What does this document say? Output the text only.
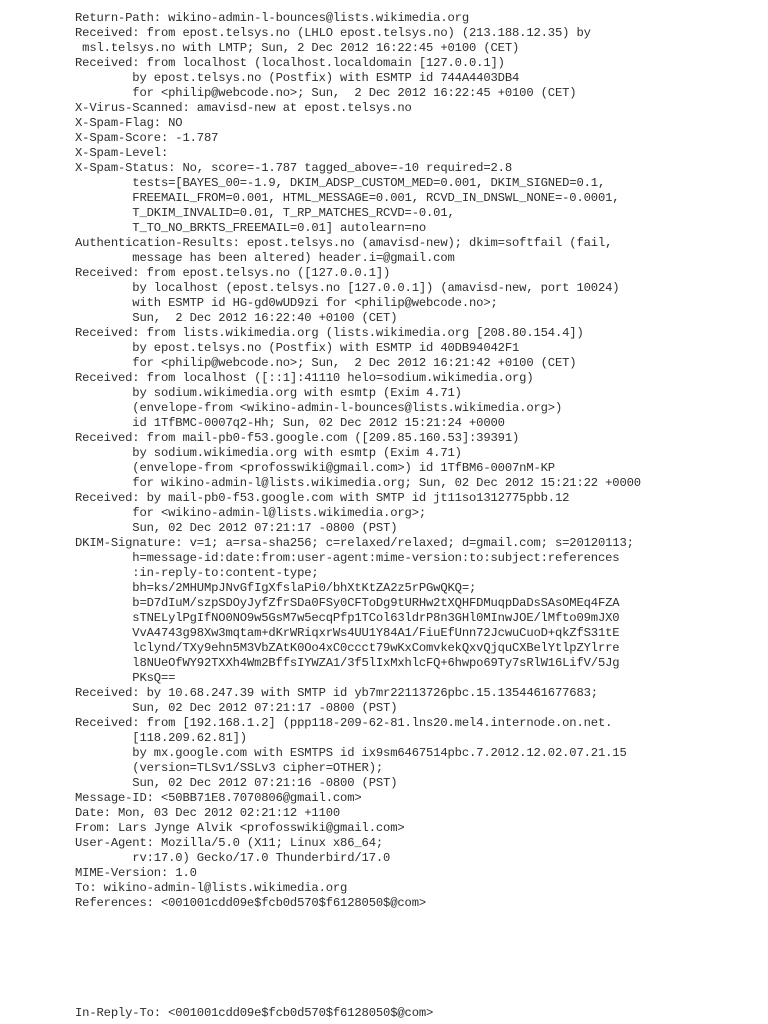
Return-Path: wikino-admin-l-bounces@lists.wikimedia.org
Received: from epost.telsys.no (LHLO epost.telsys.no) (213.188.12.35) by
msl.telsys.no with LMTP; Sun, 2 Dec 2012 16:22:45 +0100 (CET)
Received: from localhost (localhost.localdomain [127.0.0.1])
by epost.telsys.no (Postfix) with ESMTP id 744A4403DB4
for <philip@webcode.no>; Sun,  2 Dec 2012 16:22:45 +0100 (CET)
X-Virus-Scanned: amavisd-new at epost.telsys.no
X-Spam-Flag: NO
X-Spam-Score: -1.787
X-Spam-Level:
X-Spam-Status: No, score=-1.787 tagged_above=-10 required=2.8
tests=[BAYES_00=-1.9, DKIM_ADSP_CUSTOM_MED=0.001, DKIM_SIGNED=0.1,
FREEMAIL_FROM=0.001, HTML_MESSAGE=0.001, RCVD_IN_DNSWL_NONE=-0.0001,
T_DKIM_INVALID=0.01, T_RP_MATCHES_RCVD=-0.01,
T_TO_NO_BRKTS_FREEMAIL=0.01] autolearn=no
Authentication-Results: epost.telsys.no (amavisd-new); dkim=softfail (fail,
message has been altered) header.i=@gmail.com
Received: from epost.telsys.no ([127.0.0.1])
by localhost (epost.telsys.no [127.0.0.1]) (amavisd-new, port 10024)
with ESMTP id HG-gd0wUD9zi for <philip@webcode.no>;
Sun,  2 Dec 2012 16:22:40 +0100 (CET)
Received: from lists.wikimedia.org (lists.wikimedia.org [208.80.154.4])
by epost.telsys.no (Postfix) with ESMTP id 40DB94042F1
for <philip@webcode.no>; Sun,  2 Dec 2012 16:21:42 +0100 (CET)
Received: from localhost ([::1]:41110 helo=sodium.wikimedia.org)
by sodium.wikimedia.org with esmtp (Exim 4.71)
(envelope-from <wikino-admin-l-bounces@lists.wikimedia.org>)
id 1TfBMC-0007q2-Hh; Sun, 02 Dec 2012 15:21:24 +0000
Received: from mail-pb0-f53.google.com ([209.85.160.53]:39391)
by sodium.wikimedia.org with esmtp (Exim 4.71)
(envelope-from <profosswiki@gmail.com>) id 1TfBM6-0007nM-KP
for wikino-admin-l@lists.wikimedia.org; Sun, 02 Dec 2012 15:21:22 +0000
Received: by mail-pb0-f53.google.com with SMTP id jt11so1312775pbb.12
for <wikino-admin-l@lists.wikimedia.org>;
Sun, 02 Dec 2012 07:21:17 -0800 (PST)
DKIM-Signature: v=1; a=rsa-sha256; c=relaxed/relaxed; d=gmail.com; s=20120113;
h=message-id:date:from:user-agent:mime-version:to:subject:references
:in-reply-to:content-type;
bh=ks/2MHUMpJNvGfIgXfslaPi0/bhXtKtZA2z5rPGwQKQ=;
b=D7dIuM/szpSDOyJyfZfrSDa0FSy0CFToDg9tURHw2tXQHFDMuqpDaDsSAsOMEq4FZA
sTNELylPgIfNO0NO9w5GsM7w5ecqPfp1TCol63ldrP8n3GHl0MInwJOE/lMfto09mJX0
VvA4743g98Xw3mqtam+dKrWRiqxrWs4UU1Y84A1/FiuEfUnn72JcwuCuoD+qkZfS31tE
lclynd/TXy9ehn5M3VbZAtK0Oo4xC0ccct79wKxComvkekQxvQjquCXBelYtlpZYlrre
l8NUeOfWY92TXXh4Wm2BffsIYWZA1/3f5lIxMxhlcFQ+6hwpo69Ty7sRlW16LifV/5Jg
PKsQ==
Received: by 10.68.247.39 with SMTP id yb7mr22113726pbc.15.1354461677683;
Sun, 02 Dec 2012 07:21:17 -0800 (PST)
Received: from [192.168.1.2] (ppp118-209-62-81.lns20.mel4.internode.on.net.
[118.209.62.81])
by mx.google.com with ESMTPS id ix9sm6467514pbc.7.2012.12.02.07.21.15
(version=TLSv1/SSLv3 cipher=OTHER);
Sun, 02 Dec 2012 07:21:16 -0800 (PST)
Message-ID: <50BB71E8.7070806@gmail.com>
Date: Mon, 03 Dec 2012 02:21:12 +1100
From: Lars Jynge Alvik <profosswiki@gmail.com>
User-Agent: Mozilla/5.0 (X11; Linux x86_64;
rv:17.0) Gecko/17.0 Thunderbird/17.0
MIME-Version: 1.0
To: wikino-admin-l@lists.wikimedia.org
References: <001001cdd09e$fcb0d570$f6128050$@com>
In-Reply-To: <001001cdd09e$fcb0d570$f6128050$@com>
